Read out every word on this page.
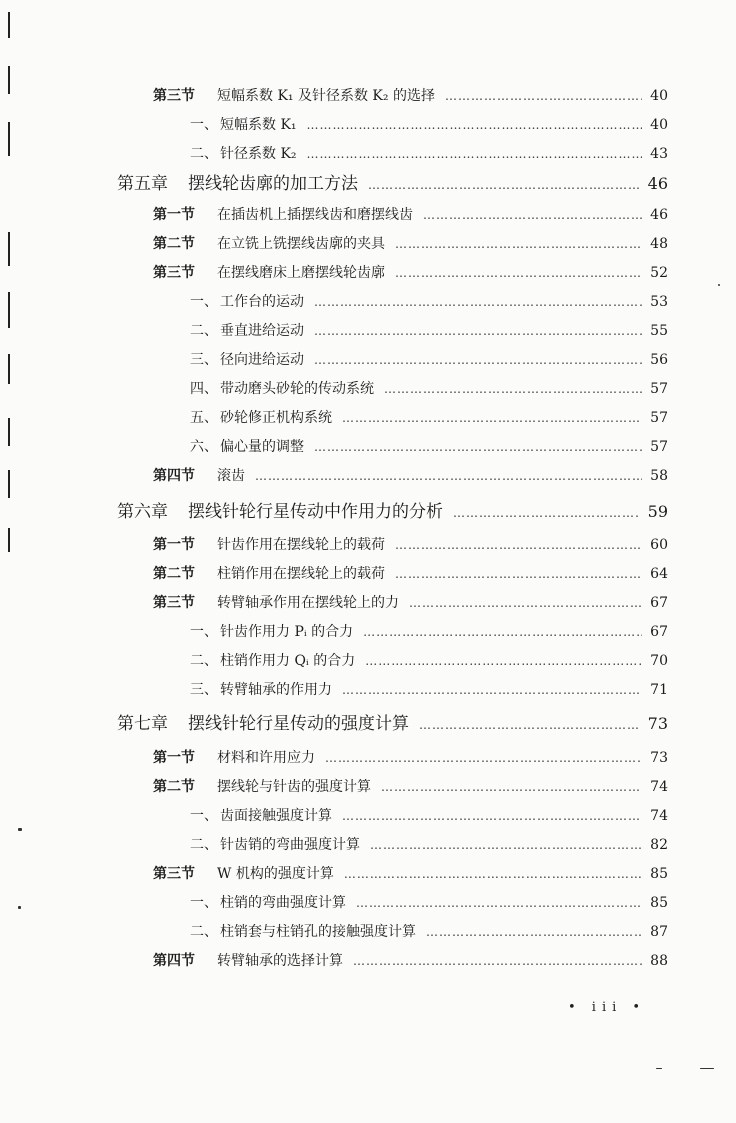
第三节 短幅系数 K₁ 及针径系数 K₂ 的选择 …………………………………………………………………………………………………………………………………………………………………………………………	40
一、 短幅系数 K₁ …………………………………………………………………………………………………………………………………………………………………………………………	40
二、 针径系数 K₂ …………………………………………………………………………………………………………………………………………………………………………………………	43
第五章 摆线轮齿廓的加工方法 …………………………………………………………………………………………………………………………………………………………………………………………	46
第一节 在插齿机上插摆线齿和磨摆线齿 …………………………………………………………………………………………………………………………………………………………………………………………	46
第二节 在立铣上铣摆线齿廓的夹具 …………………………………………………………………………………………………………………………………………………………………………………………	48
第三节 在摆线磨床上磨摆线轮齿廓 …………………………………………………………………………………………………………………………………………………………………………………………	52
一、 工作台的运动 …………………………………………………………………………………………………………………………………………………………………………………………	53
二、 垂直进给运动 …………………………………………………………………………………………………………………………………………………………………………………………	55
三、 径向进给运动 …………………………………………………………………………………………………………………………………………………………………………………………	56
四、 带动磨头砂轮的传动系统 …………………………………………………………………………………………………………………………………………………………………………………………	57
五、 砂轮修正机构系统 …………………………………………………………………………………………………………………………………………………………………………………………	57
六、 偏心量的调整 …………………………………………………………………………………………………………………………………………………………………………………………	57
第四节 滚齿 …………………………………………………………………………………………………………………………………………………………………………………………	58
第六章 摆线针轮行星传动中作用力的分析 …………………………………………………………………………………………………………………………………………………………………………………………	59
第一节 针齿作用在摆线轮上的载荷 …………………………………………………………………………………………………………………………………………………………………………………………	60
第二节 柱销作用在摆线轮上的载荷 …………………………………………………………………………………………………………………………………………………………………………………………	64
第三节 转臂轴承作用在摆线轮上的力 …………………………………………………………………………………………………………………………………………………………………………………………	67
一、 针齿作用力 Pᵢ 的合力 …………………………………………………………………………………………………………………………………………………………………………………………	67
二、 柱销作用力 Qᵢ 的合力 …………………………………………………………………………………………………………………………………………………………………………………………	70
三、 转臂轴承的作用力 …………………………………………………………………………………………………………………………………………………………………………………………	71
第七章 摆线针轮行星传动的强度计算 …………………………………………………………………………………………………………………………………………………………………………………………	73
第一节 材料和许用应力 …………………………………………………………………………………………………………………………………………………………………………………………	73
第二节 摆线轮与针齿的强度计算 …………………………………………………………………………………………………………………………………………………………………………………………	74
一、 齿面接触强度计算 …………………………………………………………………………………………………………………………………………………………………………………………	74
二、 针齿销的弯曲强度计算 …………………………………………………………………………………………………………………………………………………………………………………………	82
第三节 W 机构的强度计算 …………………………………………………………………………………………………………………………………………………………………………………………	85
一、 柱销的弯曲强度计算 …………………………………………………………………………………………………………………………………………………………………………………………	85
二、 柱销套与柱销孔的接触强度计算 …………………………………………………………………………………………………………………………………………………………………………………………	87
第四节 转臂轴承的选择计算 …………………………………………………………………………………………………………………………………………………………………………………………	88
• iii •
